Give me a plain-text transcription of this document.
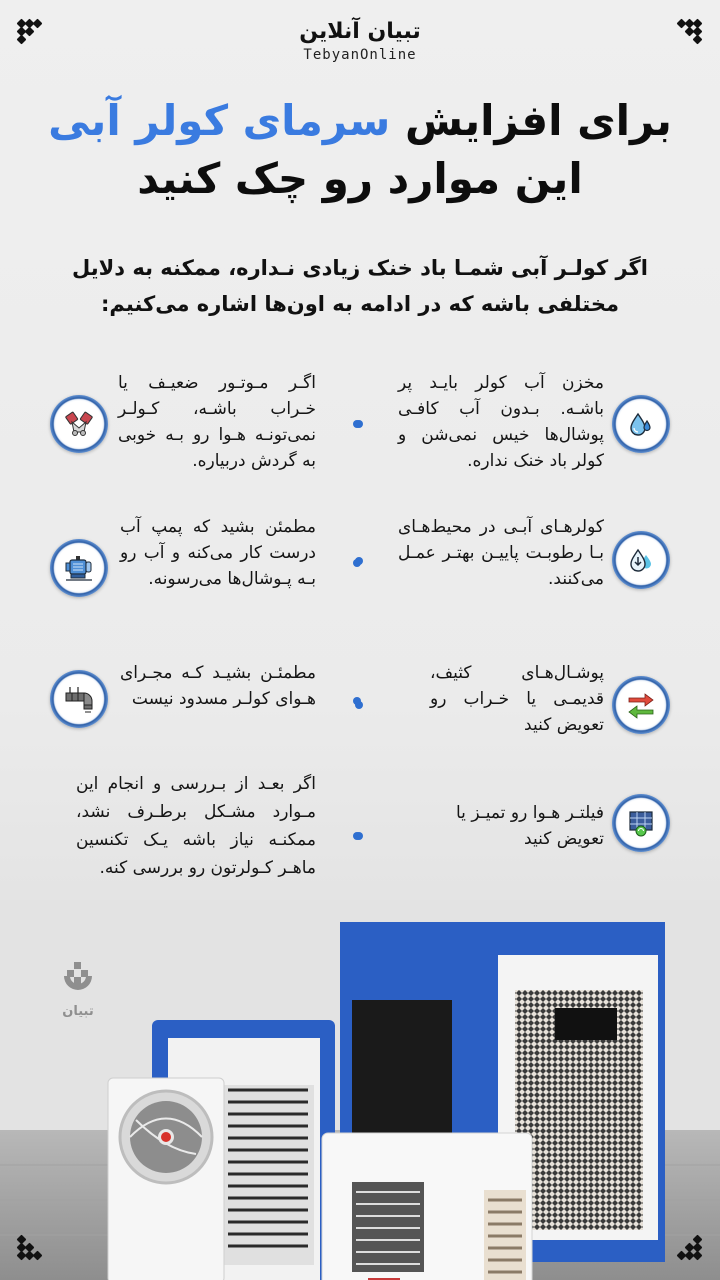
تبیان آنلاین
TebyanOnline
برای افزایش سرمای کولر آبی
این موارد رو چک کنید
اگر کولـر آبی شمـا باد خنک زیادی نـداره، ممکنه به دلایل مختلفی باشه که در ادامه به اون‌ها اشاره می‌کنیم:
مخزن آب کولر بایـد پر باشـه. بـدون آب کافـی پوشال‌ها خیس نمی‌شن و کولر باد خنک نداره.
کولرهـای آبـی در محیط‌هـای بـا رطوبـت پاییـن بهتـر عمـل می‌کنند.
پوشـال‌هـای کثیف، قدیمـی یا خـراب رو تعویض کنید
فیلتـر هـوا رو تمیـز یا تعویض کنید
اگـر مـوتـور ضعیـف یا خـراب باشـه، کـولـر نمی‌تونـه هـوا رو بـه خوبی به گردش دربیاره.
مطمئن بشید که پمپ آب درست کار می‌کنه و آب رو بـه پـوشال‌ها می‌رسونه.
مطمئـن بشیـد کـه مجـرای هـوای کولـر مسدود نیست
اگر بعـد از بـررسی و انجام این مـوارد مشـکل برطـرف نشد، ممکنـه نیاز باشه یـک تکنسین ماهـر کـولرتون رو بررسی کنه.
تبیان
